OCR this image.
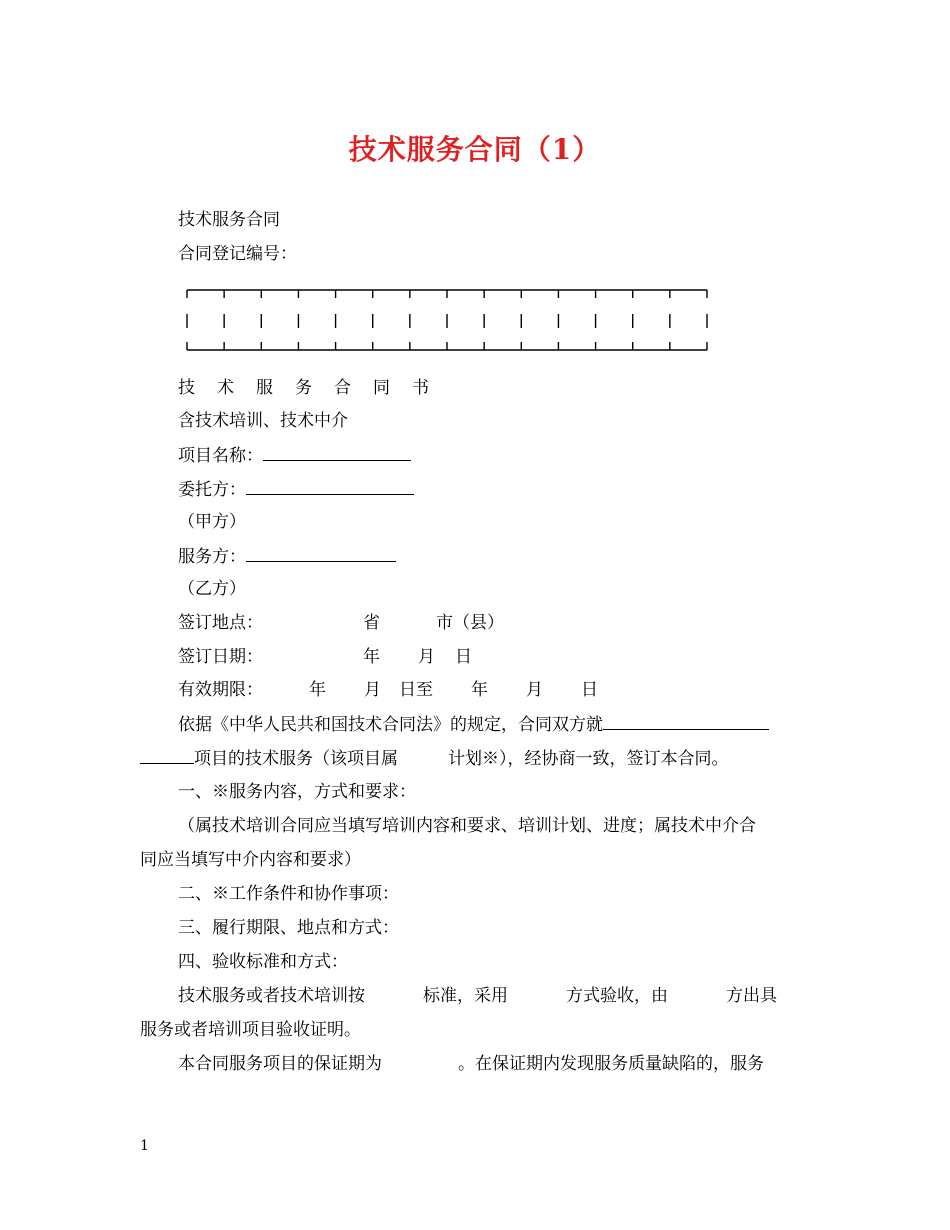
技术服务合同（1）
技术服务合同
合同登记编号：
技 术 服 务 合 同 书
含技术培训、技术中介
项目名称：
委托方：
（甲方）
服务方：
（乙方）
签订地点：	省	市（县）
签订日期：	年 月 日
有效期限：	年 月 日至 年 月 日
依据《中华人民共和国技术合同法》的规定，合同双方就
项目的技术服务（该项目属	计划※），经协商一致，签订本合同。
一、※服务内容，方式和要求：
（属技术培训合同应当填写培训内容和要求、培训计划、进度；属技术中介合
同应当填写中介内容和要求）
二、※工作条件和协作事项：
三、履行期限、地点和方式：
四、验收标准和方式：
技术服务或者技术培训按	标准，采用	方式验收，由	方出具
服务或者培训项目验收证明。
本合同服务项目的保证期为	。在保证期内发现服务质量缺陷的，服务
1
